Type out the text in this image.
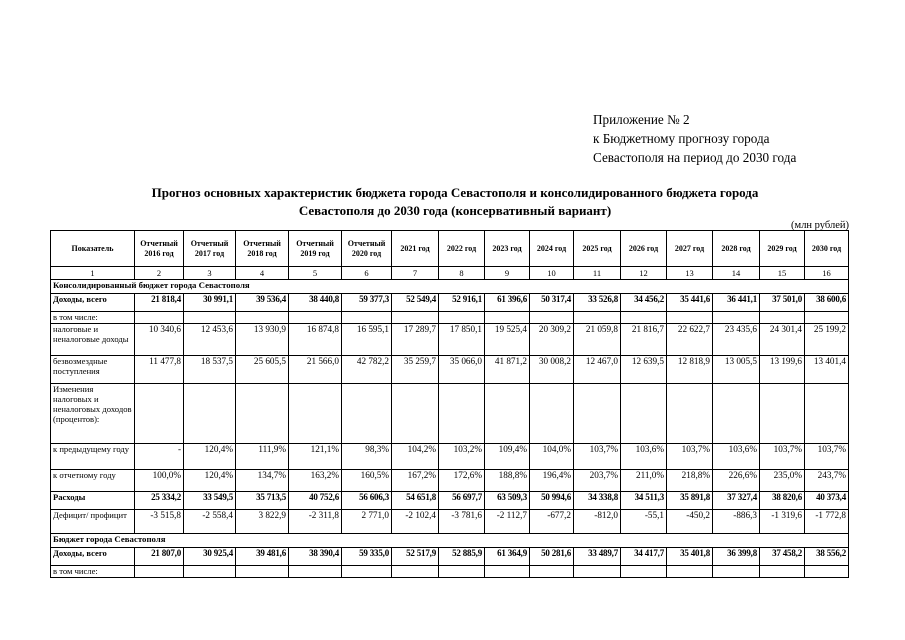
Приложение № 2
к Бюджетному прогнозу города
Севастополя на период до 2030 года
Прогноз основных характеристик бюджета города Севастополя и консолидированного бюджета города
Севастополя до 2030 года (консервативный вариант)
(млн рублей)
Показатель	Отчетный 2016 год	Отчетный 2017 год	Отчетный 2018 год	Отчетный 2019 год	Отчетный 2020 год	2021 год	2022 год	2023 год	2024 год	2025 год	2026 год	2027 год	2028 год	2029 год	2030 год
1	2	3	4	5	6	7	8	9	10	11	12	13	14	15	16
Консолидированный бюджет города Севастополя															
Доходы, всего	21 818,4	30 991,1	39 536,4	38 440,8	59 377,3	52 549,4	52 916,1	61 396,6	50 317,4	33 526,8	34 456,2	35 441,6	36 441,1	37 501,0	38 600,6
в том числе:															
налоговые и неналоговые доходы	10 340,6	12 453,6	13 930,9	16 874,8	16 595,1	17 289,7	17 850,1	19 525,4	20 309,2	21 059,8	21 816,7	22 622,7	23 435,6	24 301,4	25 199,2
безвозмездные поступления	11 477,8	18 537,5	25 605,5	21 566,0	42 782,2	35 259,7	35 066,0	41 871,2	30 008,2	12 467,0	12 639,5	12 818,9	13 005,5	13 199,6	13 401,4
Изменения налоговых и неналоговых доходов (процентов):															
к предыдущему году	-	120,4%	111,9%	121,1%	98,3%	104,2%	103,2%	109,4%	104,0%	103,7%	103,6%	103,7%	103,6%	103,7%	103,7%
к отчетному году	100,0%	120,4%	134,7%	163,2%	160,5%	167,2%	172,6%	188,8%	196,4%	203,7%	211,0%	218,8%	226,6%	235,0%	243,7%
Расходы	25 334,2	33 549,5	35 713,5	40 752,6	56 606,3	54 651,8	56 697,7	63 509,3	50 994,6	34 338,8	34 511,3	35 891,8	37 327,4	38 820,6	40 373,4
Дефицит/ профицит	-3 515,8	-2 558,4	3 822,9	-2 311,8	2 771,0	-2 102,4	-3 781,6	-2 112,7	-677,2	-812,0	-55,1	-450,2	-886,3	-1 319,6	-1 772,8
Бюджет города Севастополя															
Доходы, всего	21 807,0	30 925,4	39 481,6	38 390,4	59 335,0	52 517,9	52 885,9	61 364,9	50 281,6	33 489,7	34 417,7	35 401,8	36 399,8	37 458,2	38 556,2
в том числе:															
